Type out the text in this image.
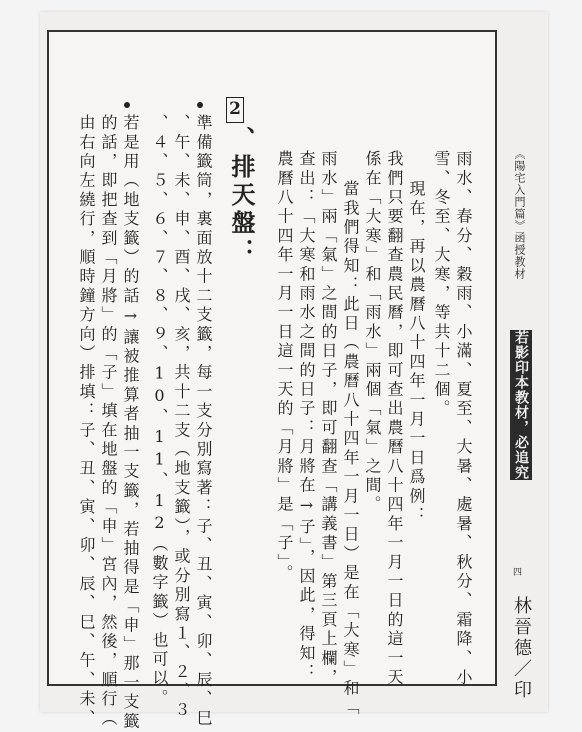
《陽宅入門篇》函授教材
雨水、春分、穀雨、小滿、夏至、大暑、處暑、秋分、霜降、小
雪、冬至、大寒，等共十二個。
現在，再以農曆八十四年一月一日爲例：
我們只要翻查農民曆，即可查出農曆八十四年一月一日的這一天
係在「大寒」和「雨水」兩個「氣」之間。
當我們得知：此日（農曆八十四年一月一日）是在「大寒」和「
雨水」兩「氣」之間的日子，即可翻查「講義書」第三頁上欄，
查出：「大寒和雨水之間的日子：月將在→子」，因此，得知：
農曆八十四年一月一日這一天的「月將」是「子」。
2
、排天盤：
準備籤筒，裏面放十二支籤，每一支分別寫著：子、丑、寅、卯、辰、巳
、午、未、申、酉、戌、亥，共十二支（地支籤），或分別寫１、２、３
、４、５、６、７、８、９、10、11、12（數字籤）也可以。
若是用（地支籤）的話→讓被推算者抽一支籤，若抽得是「申」那一支籤
的話，即把查到「月將」的「子」填在地盤的「申」宮內，然後，順行（
由右向左繞行，順時鐘方向）排填：子、丑、寅、卯、辰、巳、午、未、	若影印本教材，必追究
四
林晉德／印
